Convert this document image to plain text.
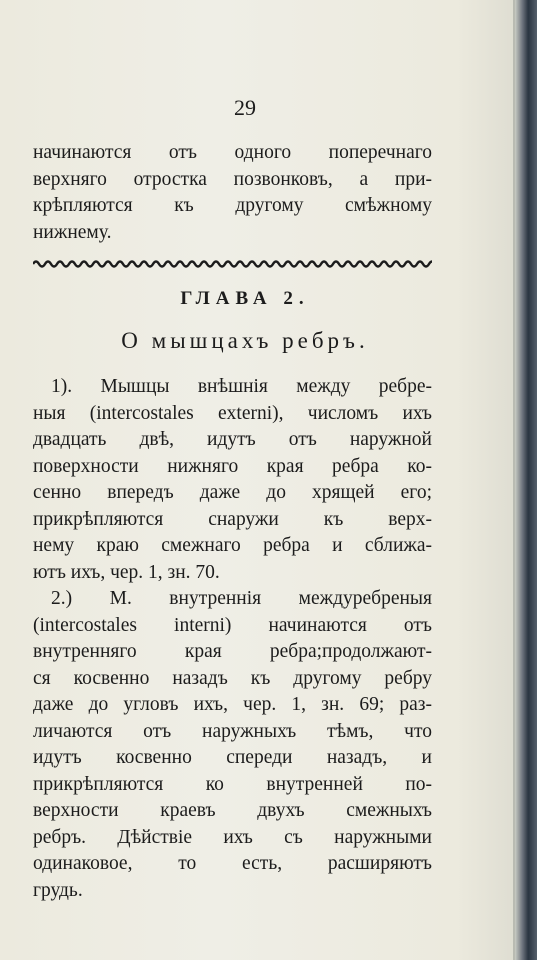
29
начинаются отъ одного поперечнаго
верхняго отростка позвонковъ, а при-
крѣпляются къ другому смѣжному
нижнему.
ГЛАВА 2.
О мышцахъ ребръ.
1). Мышцы внѣшнія между ребре-
ныя (intercostales externi), числомъ ихъ
двадцать двѣ, идутъ отъ наружной
поверхности нижняго края ребра ко-
сенно впередъ даже до хрящей его;
прикрѣпляются снаружи къ верх-
нему краю смежнаго ребра и сближа-
ютъ ихъ, чер. 1, зн. 70.
2.) М. внутреннія междуребреныя
(intercostales interni) начинаются отъ
внутренняго края ребра;продолжают-
ся косвенно назадъ къ другому ребру
даже до угловъ ихъ, чер. 1, зн. 69; раз-
личаются отъ наружныхъ тѣмъ, что
идутъ косвенно спереди назадъ, и
прикрѣпляются ко внутренней по-
верхности краевъ двухъ смежныхъ
ребръ. Дѣйствіе ихъ съ наружными
одинаковое, то есть, расширяютъ
грудь.
